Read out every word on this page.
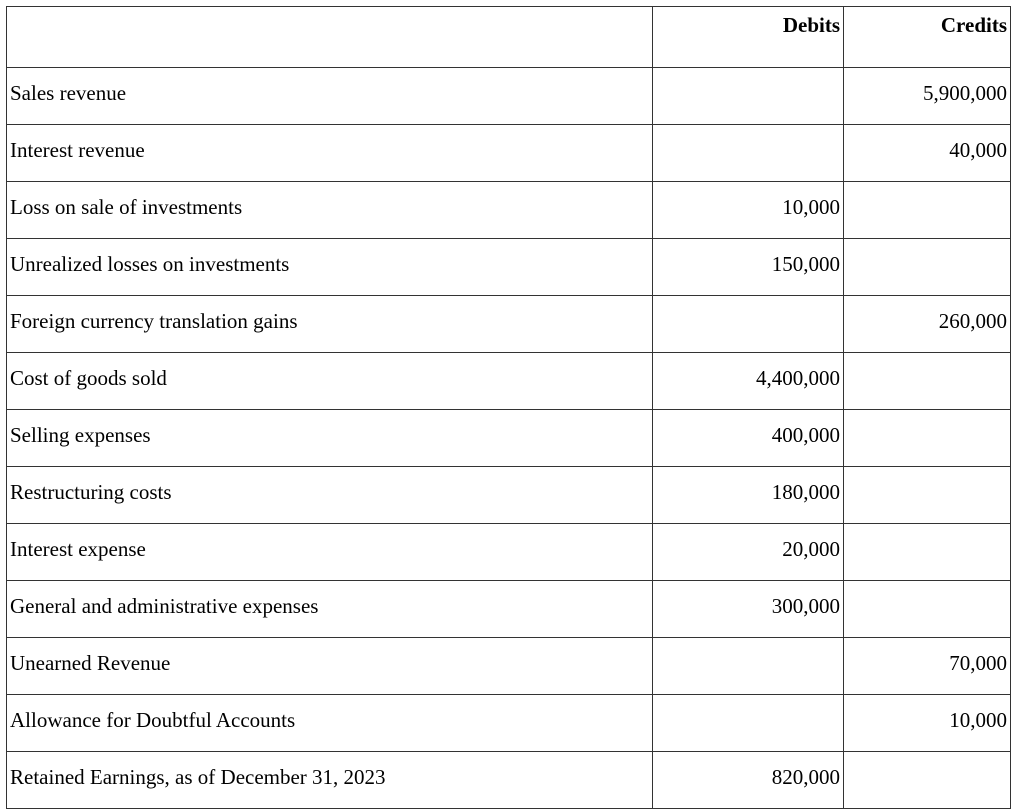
	Debits	Credits
Sales revenue		5,900,000
Interest revenue		40,000
Loss on sale of investments	10,000	
Unrealized losses on investments	150,000	
Foreign currency translation gains		260,000
Cost of goods sold	4,400,000	
Selling expenses	400,000	
Restructuring costs	180,000	
Interest expense	20,000	
General and administrative expenses	300,000	
Unearned Revenue		70,000
Allowance for Doubtful Accounts		10,000
Retained Earnings, as of December 31, 2023	820,000	
